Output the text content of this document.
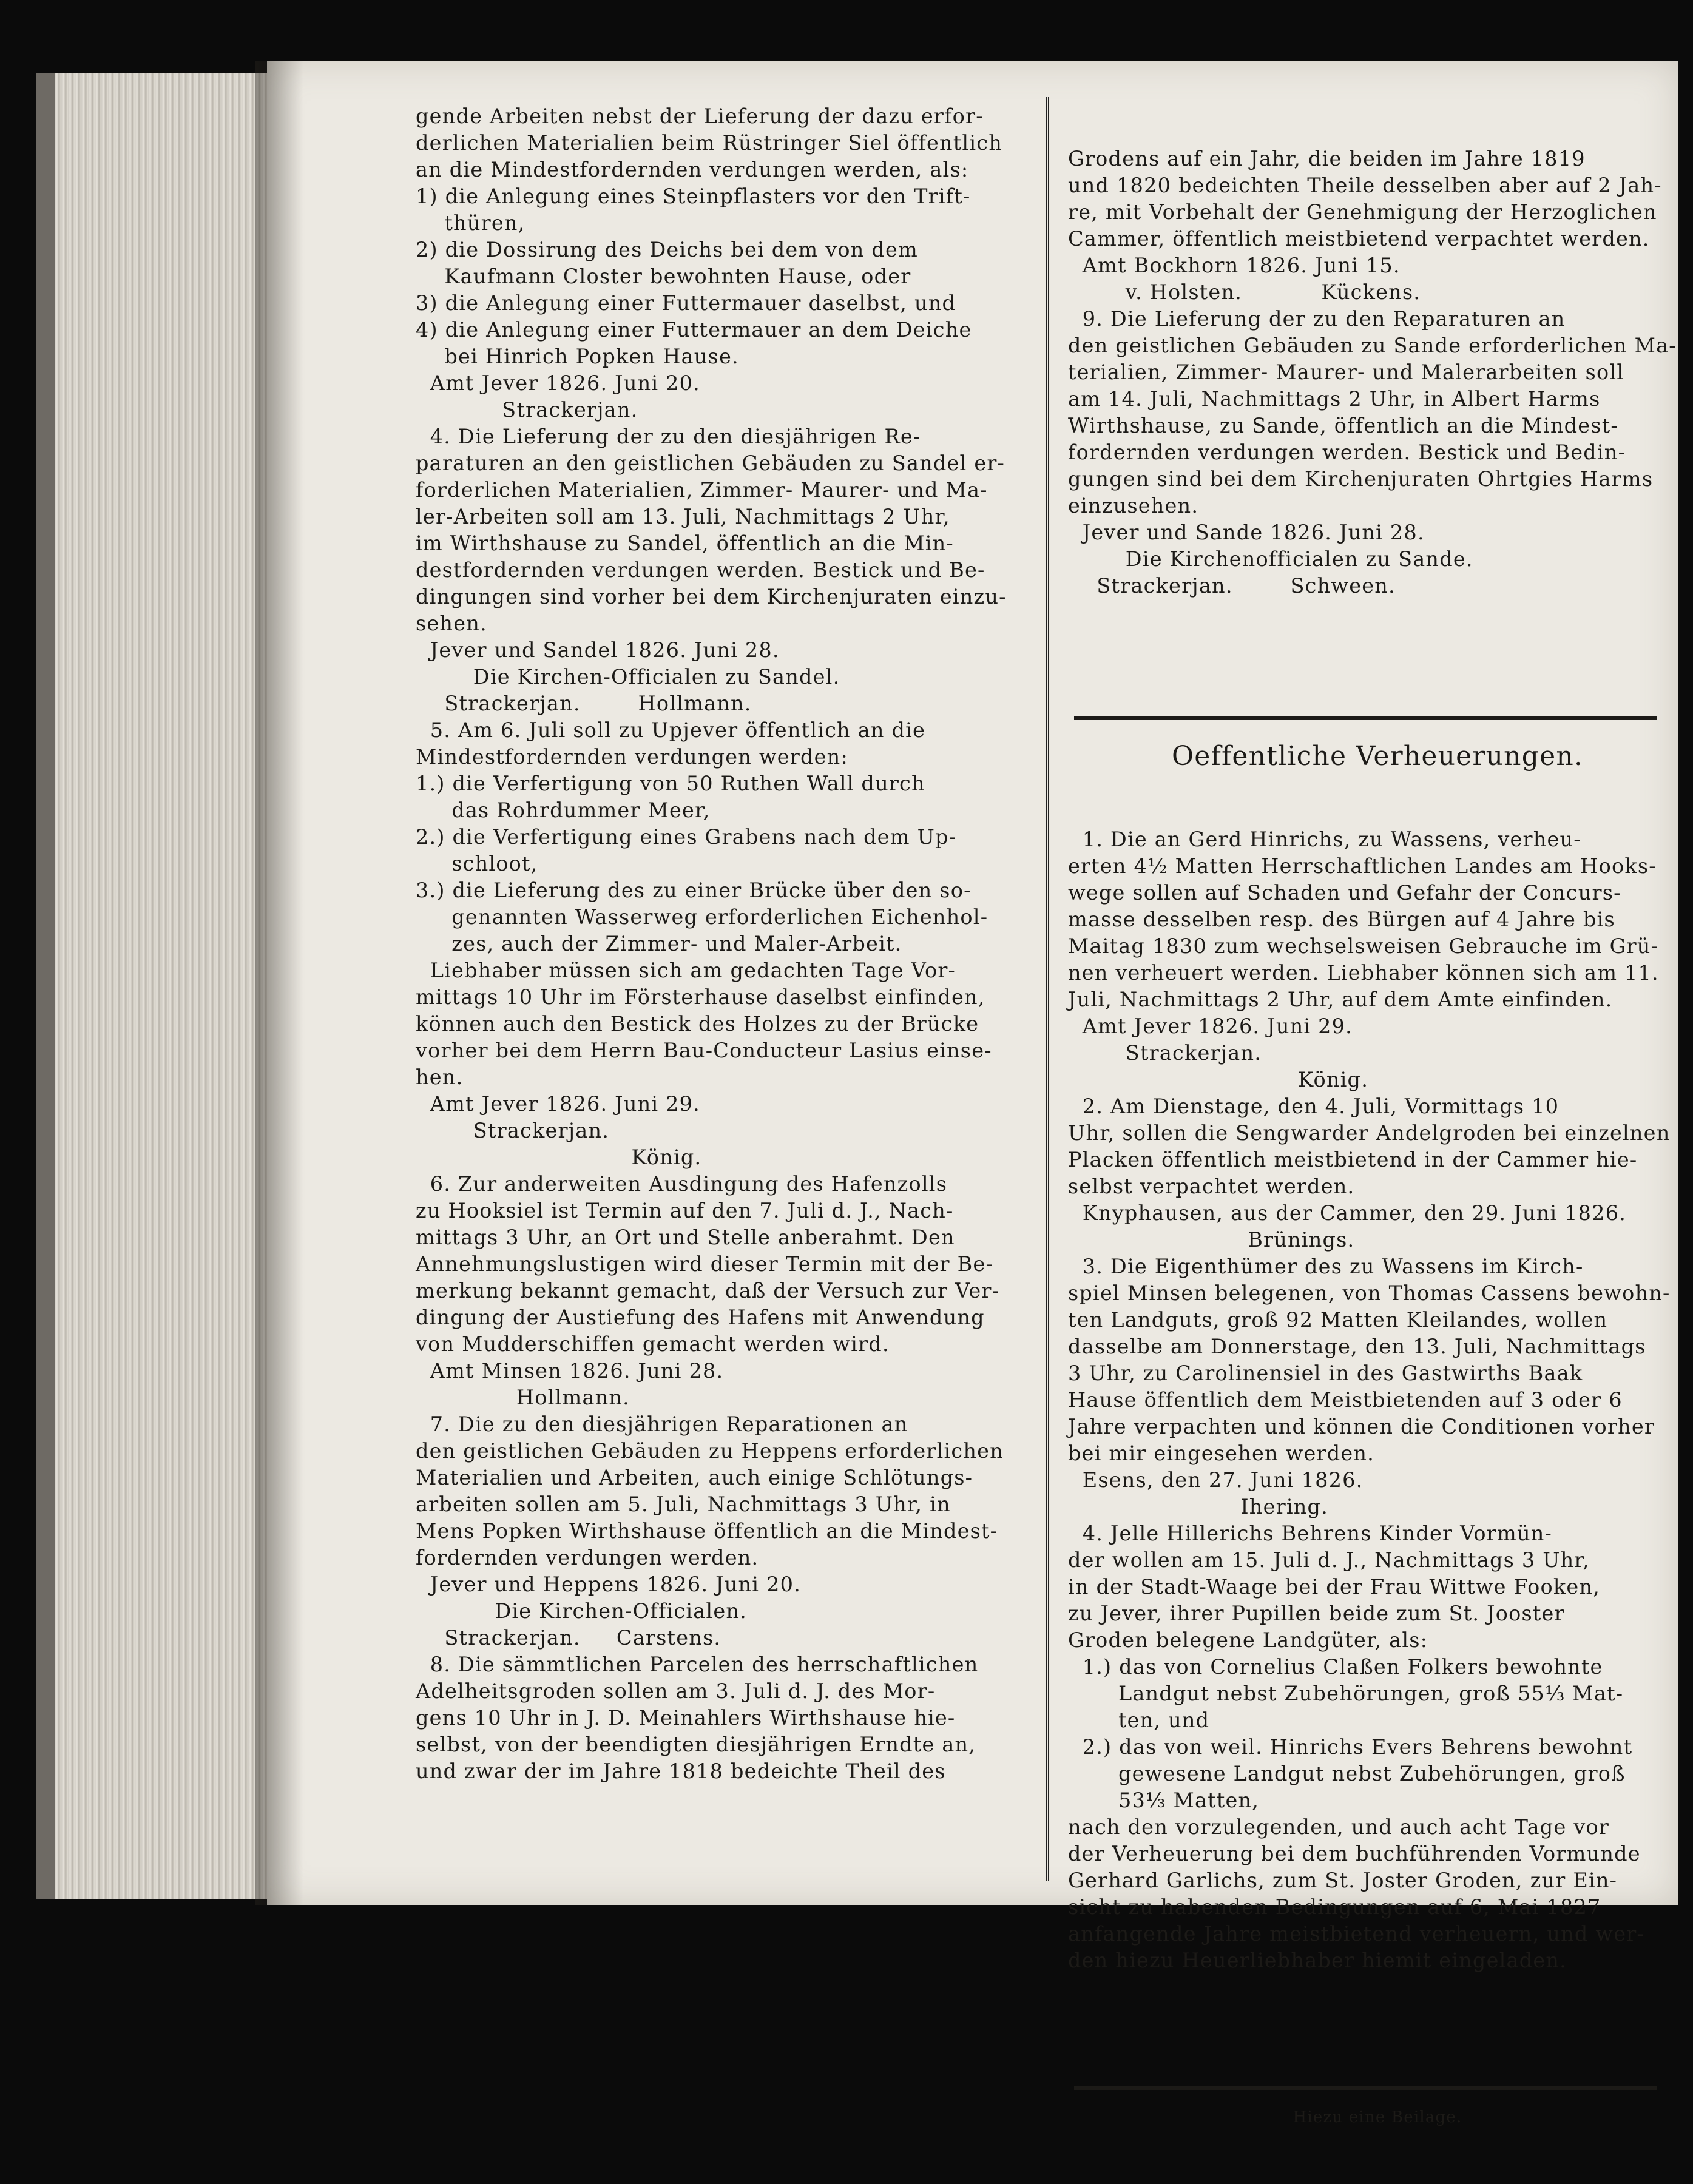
gende Arbeiten nebst der Lieferung der dazu erfor-
derlichen Materialien beim Rüstringer Siel öffentlich
an die Mindestfordernden verdungen werden, als:
1) die Anlegung eines Steinpflasters vor den Trift-
thüren,
2) die Dossirung des Deichs bei dem von dem
Kaufmann Closter bewohnten Hause, oder
3) die Anlegung einer Futtermauer daselbst, und
4) die Anlegung einer Futtermauer an dem Deiche
bei Hinrich Popken Hause.
Amt Jever 1826. Juni 20.
Strackerjan.
4. Die Lieferung der zu den diesjährigen Re-
paraturen an den geistlichen Gebäuden zu Sandel er-
forderlichen Materialien, Zimmer- Maurer- und Ma-
ler-Arbeiten soll am 13. Juli, Nachmittags 2 Uhr,
im Wirthshause zu Sandel, öffentlich an die Min-
destfordernden verdungen werden. Bestick und Be-
dingungen sind vorher bei dem Kirchenjuraten einzu-
sehen.
Jever und Sandel 1826. Juni 28.
Die Kirchen-Officialen zu Sandel.
Strackerjan.        Hollmann.
5. Am 6. Juli soll zu Upjever öffentlich an die
Mindestfordernden verdungen werden:
1.) die Verfertigung von 50 Ruthen Wall durch
das Rohrdummer Meer,
2.) die Verfertigung eines Grabens nach dem Up-
schloot,
3.) die Lieferung des zu einer Brücke über den so-
genannten Wasserweg erforderlichen Eichenhol-
zes, auch der Zimmer- und Maler-Arbeit.
Liebhaber müssen sich am gedachten Tage Vor-
mittags 10 Uhr im Försterhause daselbst einfinden,
können auch den Bestick des Holzes zu der Brücke
vorher bei dem Herrn Bau-Conducteur Lasius einse-
hen.
Amt Jever 1826. Juni 29.
Strackerjan.
König.
6. Zur anderweiten Ausdingung des Hafenzolls
zu Hooksiel ist Termin auf den 7. Juli d. J., Nach-
mittags 3 Uhr, an Ort und Stelle anberahmt. Den
Annehmungslustigen wird dieser Termin mit der Be-
merkung bekannt gemacht, daß der Versuch zur Ver-
dingung der Austiefung des Hafens mit Anwendung
von Mudderschiffen gemacht werden wird.
Amt Minsen 1826. Juni 28.
Hollmann.
7. Die zu den diesjährigen Reparationen an
den geistlichen Gebäuden zu Heppens erforderlichen
Materialien und Arbeiten, auch einige Schlötungs-
arbeiten sollen am 5. Juli, Nachmittags 3 Uhr, in
Mens Popken Wirthshause öffentlich an die Mindest-
fordernden verdungen werden.
Jever und Heppens 1826. Juni 20.
Die Kirchen-Officialen.
Strackerjan.     Carstens.
8. Die sämmtlichen Parcelen des herrschaftlichen
Adelheitsgroden sollen am 3. Juli d. J. des Mor-
gens 10 Uhr in J. D. Meinahlers Wirthshause hie-
selbst, von der beendigten diesjährigen Erndte an,
und zwar der im Jahre 1818 bedeichte Theil des

Grodens auf ein Jahr, die beiden im Jahre 1819
und 1820 bedeichten Theile desselben aber auf 2 Jah-
re, mit Vorbehalt der Genehmigung der Herzoglichen
Cammer, öffentlich meistbietend verpachtet werden.
Amt Bockhorn 1826. Juni 15.
v. Holsten.           Kückens.
9. Die Lieferung der zu den Reparaturen an
den geistlichen Gebäuden zu Sande erforderlichen Ma-
terialien, Zimmer- Maurer- und Malerarbeiten soll
am 14. Juli, Nachmittags 2 Uhr, in Albert Harms
Wirthshause, zu Sande, öffentlich an die Mindest-
fordernden verdungen werden. Bestick und Bedin-
gungen sind bei dem Kirchenjuraten Ohrtgies Harms
einzusehen.
Jever und Sande 1826. Juni 28.
Die Kirchenofficialen zu Sande.
Strackerjan.        Schween.

Oeffentliche Verheuerungen.

1. Die an Gerd Hinrichs, zu Wassens, verheu-
erten 4½ Matten Herrschaftlichen Landes am Hooks-
wege sollen auf Schaden und Gefahr der Concurs-
masse desselben resp. des Bürgen auf 4 Jahre bis
Maitag 1830 zum wechselsweisen Gebrauche im Grü-
nen verheuert werden. Liebhaber können sich am 11.
Juli, Nachmittags 2 Uhr, auf dem Amte einfinden.
Amt Jever 1826. Juni 29.
Strackerjan.
König.
2. Am Dienstage, den 4. Juli, Vormittags 10
Uhr, sollen die Sengwarder Andelgroden bei einzelnen
Placken öffentlich meistbietend in der Cammer hie-
selbst verpachtet werden.
Knyphausen, aus der Cammer, den 29. Juni 1826.
Brünings.
3. Die Eigenthümer des zu Wassens im Kirch-
spiel Minsen belegenen, von Thomas Cassens bewohn-
ten Landguts, groß 92 Matten Kleilandes, wollen
dasselbe am Donnerstage, den 13. Juli, Nachmittags
3 Uhr, zu Carolinensiel in des Gastwirths Baak
Hause öffentlich dem Meistbietenden auf 3 oder 6
Jahre verpachten und können die Conditionen vorher
bei mir eingesehen werden.
Esens, den 27. Juni 1826.
Ihering.
4. Jelle Hillerichs Behrens Kinder Vormün-
der wollen am 15. Juli d. J., Nachmittags 3 Uhr,
in der Stadt-Waage bei der Frau Wittwe Fooken,
zu Jever, ihrer Pupillen beide zum St. Jooster
Groden belegene Landgüter, als:
1.) das von Cornelius Claßen Folkers bewohnte
Landgut nebst Zubehörungen, groß 55⅓ Mat-
ten, und
2.) das von weil. Hinrichs Evers Behrens bewohnt
gewesene Landgut nebst Zubehörungen, groß
53⅓ Matten,
nach den vorzulegenden, und auch acht Tage vor
der Verheuerung bei dem buchführenden Vormunde
Gerhard Garlichs, zum St. Joster Groden, zur Ein-
sicht zu habenden Bedingungen auf 6, Mai 1827
anfangende Jahre meistbietend verheuern, und wer-
den hiezu Heuerliebhaber hiemit eingeladen.

Hiezu eine Beilage.
